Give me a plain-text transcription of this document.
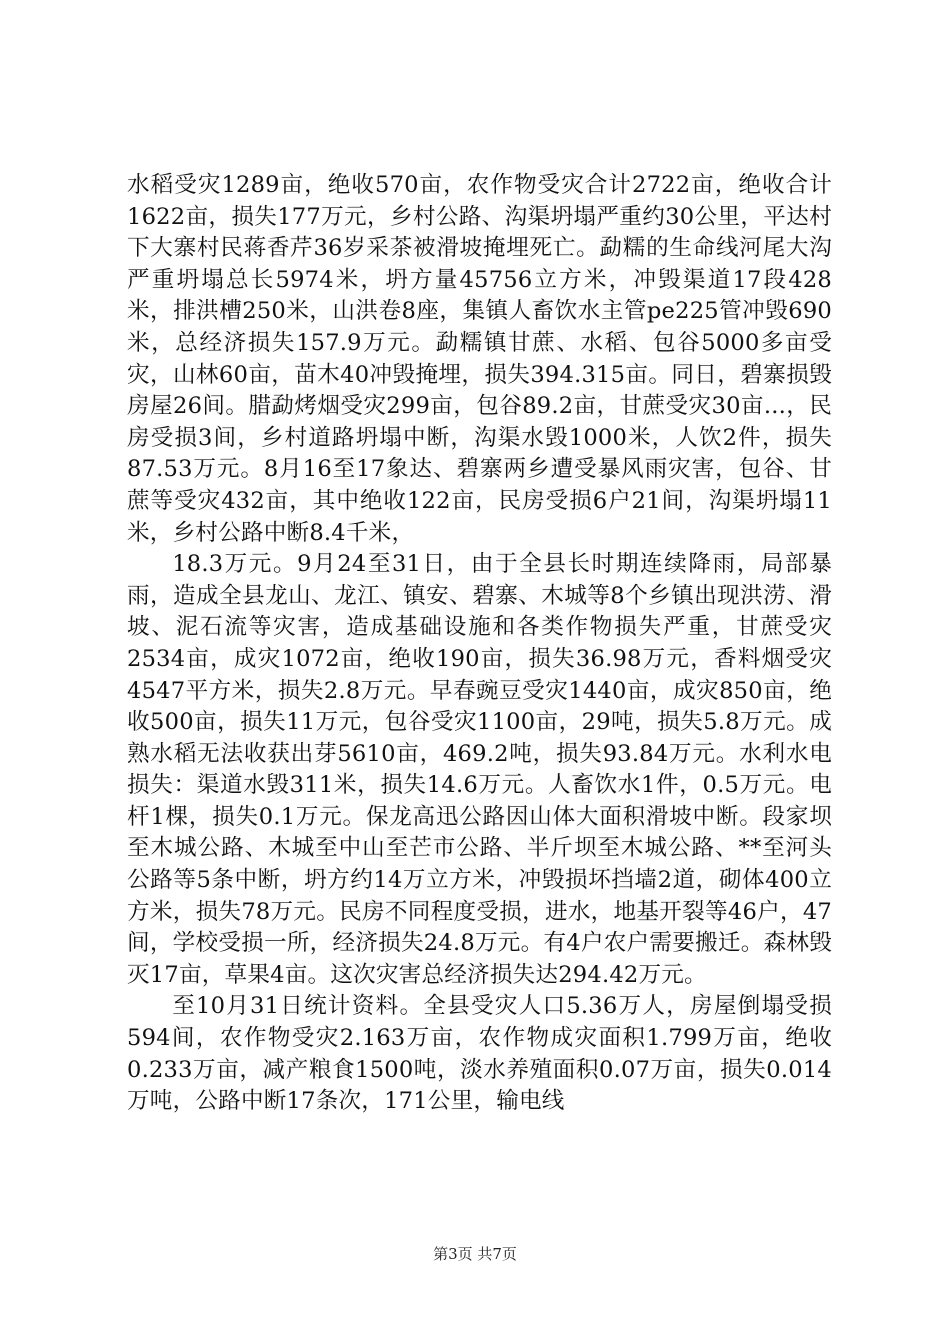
水稻受灾1289亩，绝收570亩，农作物受灾合计2722亩，绝收合计1622亩，损失177万元，乡村公路、沟渠坍塌严重约30公里，平达村下大寨村民蒋香芹36岁采茶被滑坡掩埋死亡。勐糯的生命线河尾大沟严重坍塌总长5974米，坍方量45756立方米，冲毁渠道17段428米，排洪槽250米，山洪卷8座，集镇人畜饮水主管pe225管冲毁690米，总经济损失157.9万元。勐糯镇甘蔗、水稻、包谷5000多亩受灾，山林60亩，苗木40冲毁掩埋，损失394.315亩。同日，碧寨损毁房屋26间。腊勐烤烟受灾299亩，包谷89.2亩，甘蔗受灾30亩...，民房受损3间，乡村道路坍塌中断，沟渠水毁1000米，人饮2件，损失87.53万元。8月16至17象达、碧寨两乡遭受暴风雨灾害，包谷、甘蔗等受灾432亩，其中绝收122亩，民房受损6户21间，沟渠坍塌11米，乡村公路中断8.4千米，

18.3万元。9月24至31日，由于全县长时期连续降雨，局部暴雨，造成全县龙山、龙江、镇安、碧寨、木城等8个乡镇出现洪涝、滑坡、泥石流等灾害，造成基础设施和各类作物损失严重，甘蔗受灾2534亩，成灾1072亩，绝收190亩，损失36.98万元，香料烟受灾4547平方米，损失2.8万元。早春豌豆受灾1440亩，成灾850亩，绝收500亩，损失11万元，包谷受灾1100亩，29吨，损失5.8万元。成熟水稻无法收获出芽5610亩，469.2吨，损失93.84万元。水利水电损失：渠道水毁311米，损失14.6万元。人畜饮水1件，0.5万元。电杆1棵，损失0.1万元。保龙高迅公路因山体大面积滑坡中断。段家坝至木城公路、木城至中山至芒市公路、半斤坝至木城公路、**至河头公路等5条中断，坍方约14万立方米，冲毁损坏挡墙2道，砌体400立方米，损失78万元。民房不同程度受损，进水，地基开裂等46户，47间，学校受损一所，经济损失24.8万元。有4户农户需要搬迁。森林毁灭17亩，草果4亩。这次灾害总经济损失达294.42万元。

至10月31日统计资料。全县受灾人口5.36万人，房屋倒塌受损594间，农作物受灾2.163万亩，农作物成灾面积1.799万亩，绝收0.233万亩，减产粮食1500吨，淡水养殖面积0.07万亩，损失0.014万吨，公路中断17条次，171公里，输电线

第3页 共7页
